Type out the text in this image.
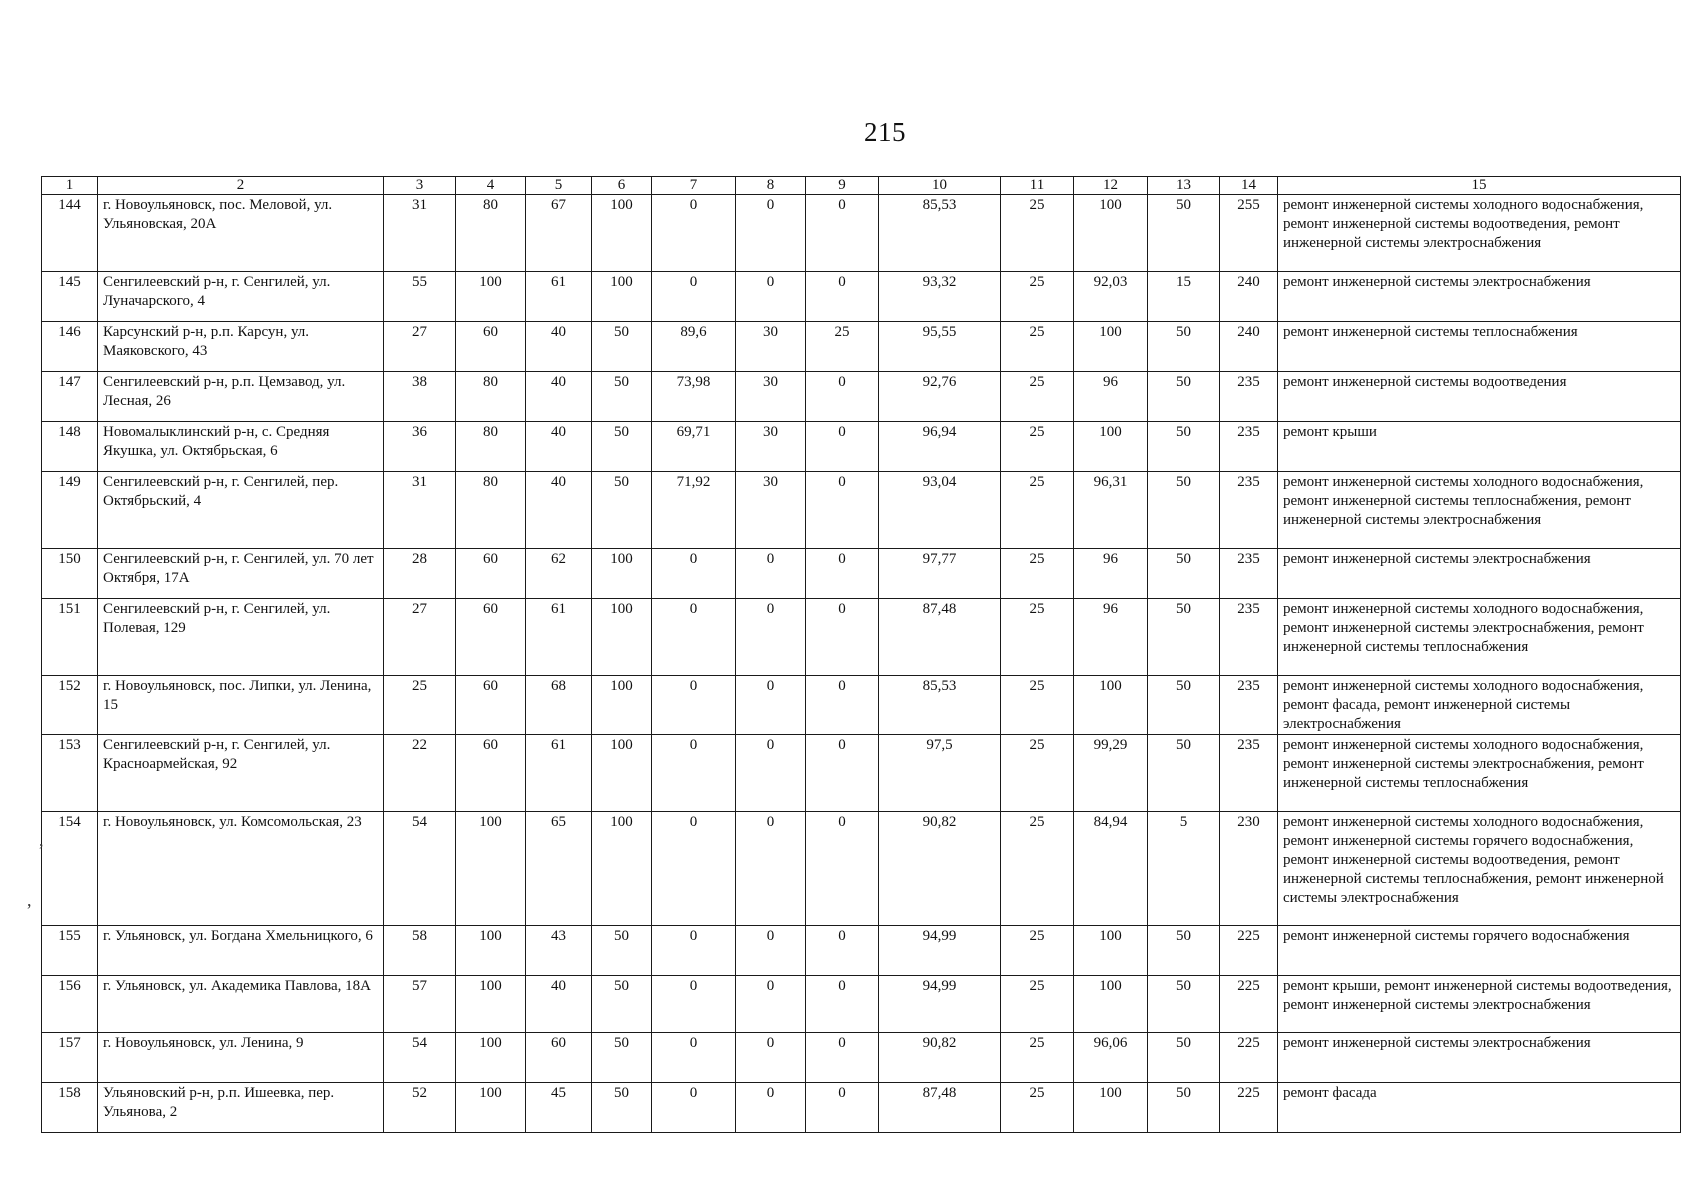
215
1	2	3	4	5	6	7	8	9	10	11	12	13	14	15
144	г. Новоульяновск, пос. Меловой, ул. Ульяновская, 20А	31	80	67	100	0	0	0	85,53	25	100	50	255	ремонт инженерной системы холодного водоснабжения, ремонт инженерной системы водоотведения, ремонт инженерной системы электроснабжения
145	Сенгилеевский р-н, г. Сенгилей, ул. Луначарского, 4	55	100	61	100	0	0	0	93,32	25	92,03	15	240	ремонт инженерной системы электроснабжения
146	Карсунский р-н, р.п. Карсун, ул. Маяковского, 43	27	60	40	50	89,6	30	25	95,55	25	100	50	240	ремонт инженерной системы теплоснабжения
147	Сенгилеевский р-н, р.п. Цемзавод, ул. Лесная, 26	38	80	40	50	73,98	30	0	92,76	25	96	50	235	ремонт инженерной системы водоотведения
148	Новомалыклинский р-н, с. Средняя Якушка, ул. Октябрьская, 6	36	80	40	50	69,71	30	0	96,94	25	100	50	235	ремонт крыши
149	Сенгилеевский р-н, г. Сенгилей, пер. Октябрьский, 4	31	80	40	50	71,92	30	0	93,04	25	96,31	50	235	ремонт инженерной системы холодного водоснабжения, ремонт инженерной системы теплоснабжения, ремонт инженерной системы электроснабжения
150	Сенгилеевский р-н, г. Сенгилей, ул. 70 лет Октября, 17А	28	60	62	100	0	0	0	97,77	25	96	50	235	ремонт инженерной системы электроснабжения
151	Сенгилеевский р-н, г. Сенгилей, ул. Полевая, 129	27	60	61	100	0	0	0	87,48	25	96	50	235	ремонт инженерной системы холодного водоснабжения, ремонт инженерной системы электроснабжения, ремонт инженерной системы теплоснабжения
152	г. Новоульяновск, пос. Липки, ул. Ленина, 15	25	60	68	100	0	0	0	85,53	25	100	50	235	ремонт инженерной системы холодного водоснабжения, ремонт фасада, ремонт инженерной системы электроснабжения
153	Сенгилеевский р-н, г. Сенгилей, ул. Красноармейская, 92	22	60	61	100	0	0	0	97,5	25	99,29	50	235	ремонт инженерной системы холодного водоснабжения, ремонт инженерной системы электроснабжения, ремонт инженерной системы теплоснабжения
154	г. Новоульяновск, ул. Комсомольская, 23	54	100	65	100	0	0	0	90,82	25	84,94	5	230	ремонт инженерной системы холодного водоснабжения, ремонт инженерной системы горячего водоснабжения, ремонт инженерной системы водоотведения, ремонт инженерной системы теплоснабжения, ремонт инженерной системы электроснабжения
155	г. Ульяновск, ул. Богдана Хмельницкого, 6	58	100	43	50	0	0	0	94,99	25	100	50	225	ремонт инженерной системы горячего водоснабжения
156	г. Ульяновск, ул. Академика Павлова, 18А	57	100	40	50	0	0	0	94,99	25	100	50	225	ремонт крыши, ремонт инженерной системы водоотведения, ремонт инженерной системы электроснабжения
157	г. Новоульяновск, ул. Ленина, 9	54	100	60	50	0	0	0	90,82	25	96,06	50	225	ремонт инженерной системы электроснабжения
158	Ульяновский р-н, р.п. Ишеевка, пер. Ульянова, 2	52	100	45	50	0	0	0	87,48	25	100	50	225	ремонт фасада
,
,
